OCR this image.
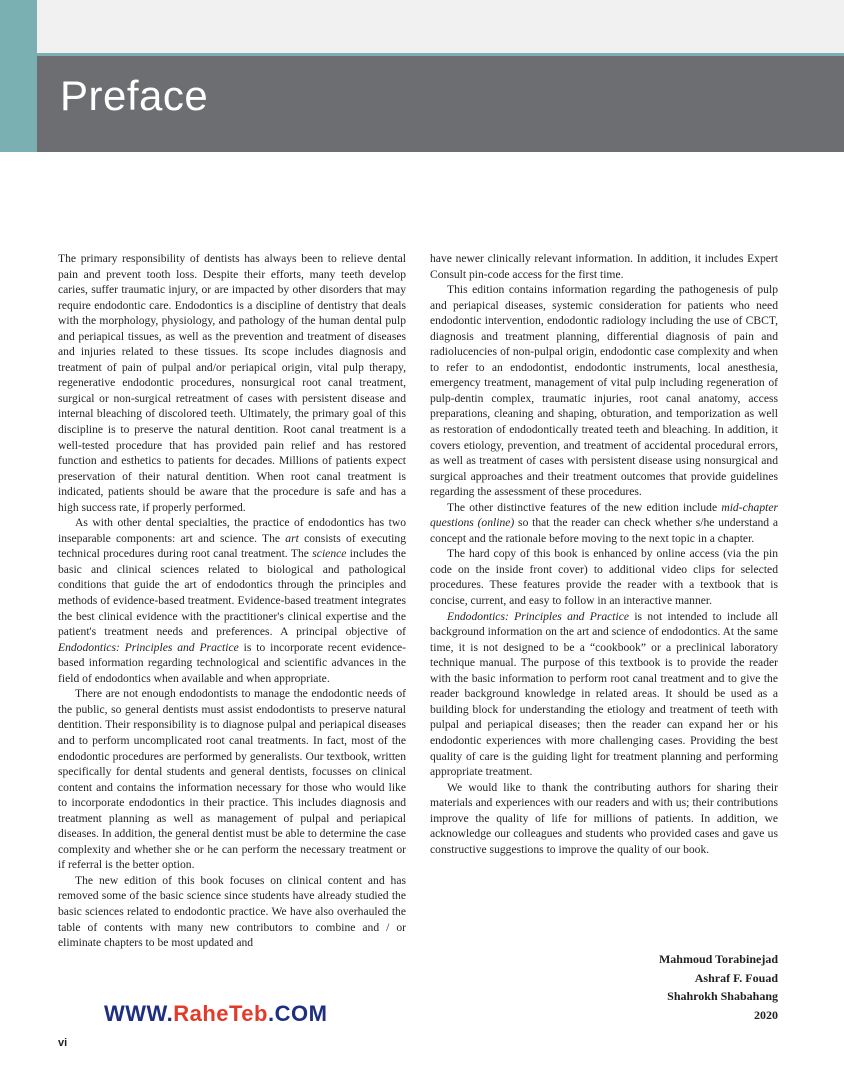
Preface

The primary responsibility of dentists has always been to relieve dental pain and prevent tooth loss. Despite their efforts, many teeth develop caries, suffer traumatic injury, or are impacted by other disorders that may require endodontic care. Endodontics is a discipline of dentistry that deals with the morphology, physiology, and pathology of the human dental pulp and periapical tissues, as well as the prevention and treatment of diseases and injuries related to these tissues. Its scope includes diagnosis and treatment of pain of pulpal and/or periapical origin, vital pulp therapy, regenerative endodontic procedures, nonsurgical root canal treatment, surgical or non-surgical retreatment of cases with persistent disease and internal bleaching of discolored teeth. Ultimately, the primary goal of this discipline is to preserve the natural dentition. Root canal treatment is a well-tested procedure that has provided pain relief and has restored function and esthetics to patients for decades. Millions of patients expect preservation of their natural dentition. When root canal treatment is indicated, patients should be aware that the procedure is safe and has a high success rate, if properly performed.

As with other dental specialties, the practice of endodontics has two inseparable components: art and science. The art consists of executing technical procedures during root canal treatment. The science includes the basic and clinical sciences related to biological and pathological conditions that guide the art of endodontics through the principles and methods of evidence-based treatment. Evidence-based treatment integrates the best clinical evidence with the practitioner's clinical expertise and the patient's treatment needs and preferences. A principal objective of Endodontics: Principles and Practice is to incorporate recent evidence-based information regarding technological and scientific advances in the field of endodontics when available and when appropriate.

There are not enough endodontists to manage the endodontic needs of the public, so general dentists must assist endodontists to preserve natural dentition. Their responsibility is to diagnose pulpal and periapical diseases and to perform uncomplicated root canal treatments. In fact, most of the endodontic procedures are performed by generalists. Our textbook, written specifically for dental students and general dentists, focusses on clinical content and contains the information necessary for those who would like to incorporate endodontics in their practice. This includes diagnosis and treatment planning as well as management of pulpal and periapical diseases. In addition, the general dentist must be able to determine the case complexity and whether she or he can perform the necessary treatment or if referral is the better option.

The new edition of this book focuses on clinical content and has removed some of the basic science since students have already studied the basic sciences related to endodontic practice. We have also overhauled the table of contents with many new contributors to combine and / or eliminate chapters to be most updated and

have newer clinically relevant information. In addition, it includes Expert Consult pin-code access for the first time.

This edition contains information regarding the pathogenesis of pulp and periapical diseases, systemic consideration for patients who need endodontic intervention, endodontic radiology including the use of CBCT, diagnosis and treatment planning, differential diagnosis of pain and radiolucencies of non-pulpal origin, endodontic case complexity and when to refer to an endodontist, endodontic instruments, local anesthesia, emergency treatment, management of vital pulp including regeneration of pulp-dentin complex, traumatic injuries, root canal anatomy, access preparations, cleaning and shaping, obturation, and temporization as well as restoration of endodontically treated teeth and bleaching. In addition, it covers etiology, prevention, and treatment of accidental procedural errors, as well as treatment of cases with persistent disease using nonsurgical and surgical approaches and their treatment outcomes that provide guidelines regarding the assessment of these procedures.

The other distinctive features of the new edition include mid-chapter questions (online) so that the reader can check whether s/he understand a concept and the rationale before moving to the next topic in a chapter.

The hard copy of this book is enhanced by online access (via the pin code on the inside front cover) to additional video clips for selected procedures. These features provide the reader with a textbook that is concise, current, and easy to follow in an interactive manner.

Endodontics: Principles and Practice is not intended to include all background information on the art and science of endodontics. At the same time, it is not designed to be a “cookbook” or a preclinical laboratory technique manual. The purpose of this textbook is to provide the reader with the basic information to perform root canal treatment and to give the reader background knowledge in related areas. It should be used as a building block for understanding the etiology and treatment of teeth with pulpal and periapical diseases; then the reader can expand her or his endodontic experiences with more challenging cases. Providing the best quality of care is the guiding light for treatment planning and performing appropriate treatment.

We would like to thank the contributing authors for sharing their materials and experiences with our readers and with us; their contributions improve the quality of life for millions of patients. In addition, we acknowledge our colleagues and students who provided cases and gave us constructive suggestions to improve the quality of our book.

Mahmoud Torabinejad
Ashraf F. Fouad
Shahrokh Shabahang
2020
WWW.RaheTeb.COM
vi
